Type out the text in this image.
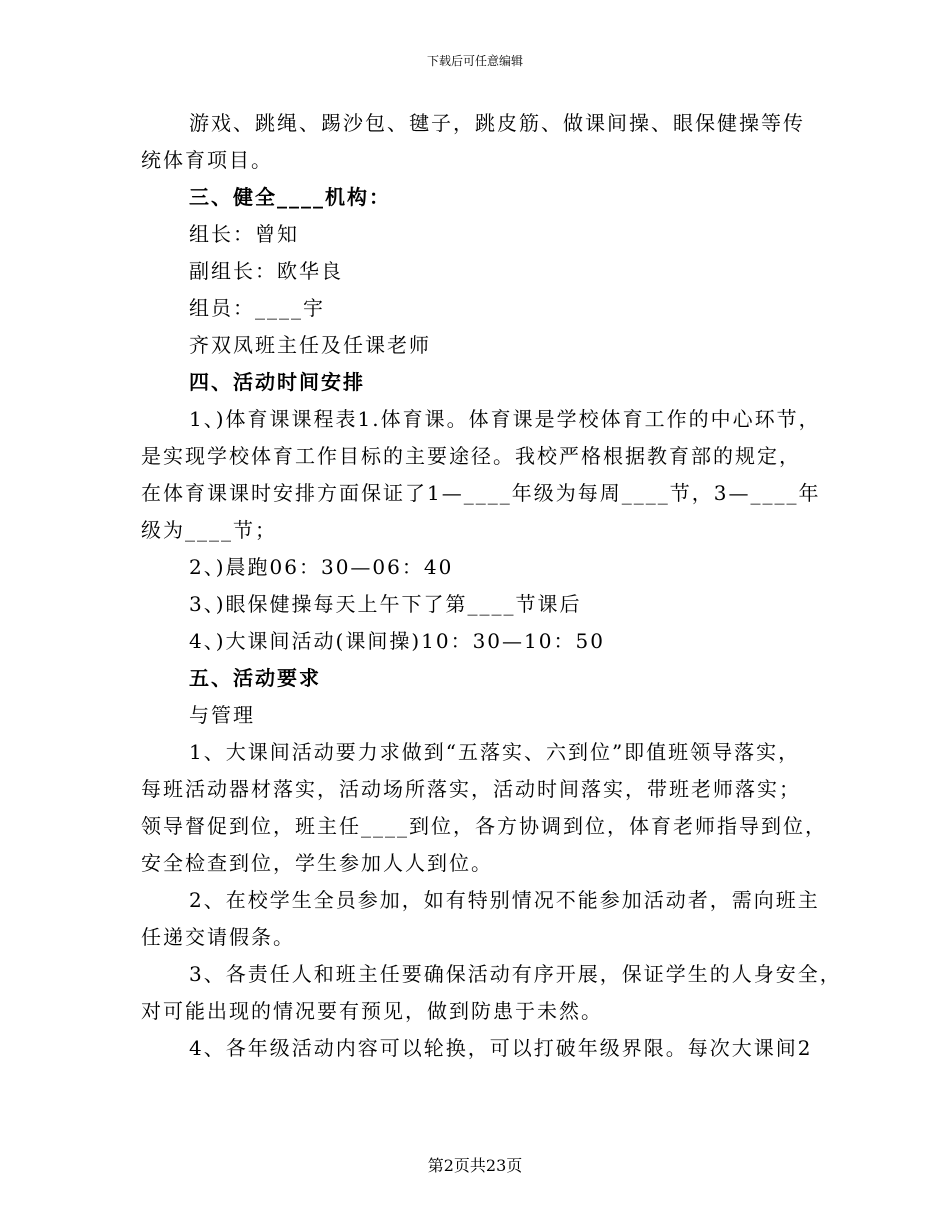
下载后可任意编辑
游戏、跳绳、踢沙包、毽子，跳皮筋、做课间操、眼保健操等传
统体育项目。
三、健全____机构：
组长：曾知
副组长：欧华良
组员：____宇
齐双凤班主任及任课老师
四、活动时间安排
1、)体育课课程表1.体育课。体育课是学校体育工作的中心环节，
是实现学校体育工作目标的主要途径。我校严格根据教育部的规定，
在体育课课时安排方面保证了1—____年级为每周____节，3—____年
级为____节；
2、)晨跑06：30—06：40
3、)眼保健操每天上午下了第____节课后
4、)大课间活动(课间操)10：30—10：50
五、活动要求
与管理
1、大课间活动要力求做到“五落实、六到位”即值班领导落实，
每班活动器材落实，活动场所落实，活动时间落实，带班老师落实；
领导督促到位，班主任____到位，各方协调到位，体育老师指导到位，
安全检查到位，学生参加人人到位。
2、在校学生全员参加，如有特别情况不能参加活动者，需向班主
任递交请假条。
3、各责任人和班主任要确保活动有序开展，保证学生的人身安全，
对可能出现的情况要有预见，做到防患于未然。
4、各年级活动内容可以轮换，可以打破年级界限。每次大课间2
第2页共23页
